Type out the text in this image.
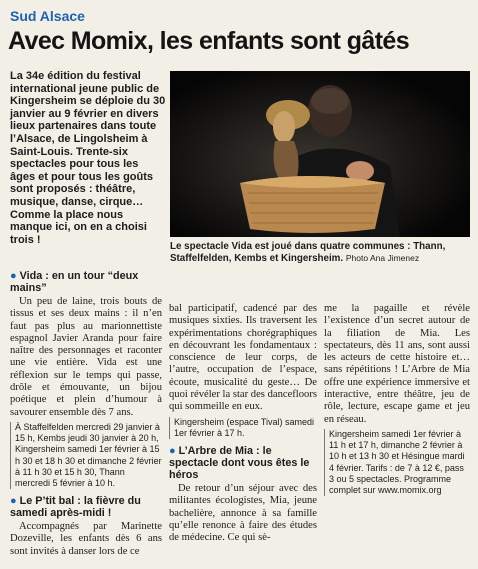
Sud Alsace
Avec Momix, les enfants sont gâtés
La 34e édition du festival international jeune public de Kingersheim se déploie du 30 janvier au 9 février en divers lieux partenaires dans toute l’Alsace, de Lingolsheim à Saint-Louis. Trente-six spectacles pour tous les âges et pour tous les goûts sont proposés : théâtre, musique, danse, cirque… Comme la place nous manque ici, on en a choisi trois !
Le spectacle Vida est joué dans quatre communes : Thann, Staffelfelden, Kembs et Kingersheim. Photo Ana Jimenez
● Vida : en un tour “deux mains”

Un peu de laine, trois bouts de tissus et ses deux mains : il n’en faut pas plus au marionnettiste espagnol Javier Aranda pour faire naître des personnages et raconter une vie entière. Vida est une réflexion sur le temps qui passe, drôle et émouvante, un bijou poétique et plein d’humour à savourer ensemble dès 7 ans.

À Staffelfelden mercredi 29 janvier à 15 h, Kembs jeudi 30 janvier à 20 h, Kingersheim samedi 1er février à 15 h 30 et 18 h 30 et dimanche 2 février à 11 h 30 et 15 h 30, Thann mercredi 5 février à 10 h.
● Le P’tit bal : la fièvre du samedi après-midi !

Accompagnés par Marinette Dozeville, les enfants dès 6 ans sont invités à danser lors de ce

bal participatif, cadencé par des musiques sixties. Ils traversent les expérimentations chorégraphiques en découvrant les fondamentaux : conscience de leur corps, de l’autre, occupation de l’espace, écoute, musicalité du geste… De quoi révéler la star des dancefloors qui sommeille en eux.

Kingersheim (espace Tival) samedi 1er février à 17 h.
● L’Arbre de Mia : le spectacle dont vous êtes le héros

De retour d’un séjour avec des militantes écologistes, Mia, jeune bachelière, annonce à sa famille qu’elle renonce à faire des études de médecine. Ce qui sè-

me la pagaille et révèle l’existence d’un secret autour de la filiation de Mia. Les spectateurs, dès 11 ans, sont aussi les acteurs de cette histoire et… sans répétitions ! L’Arbre de Mia offre une expérience immersive et interactive, entre théâtre, jeu de rôle, lecture, escape game et jeu en réseau.

Kingersheim samedi 1er février à 11 h et 17 h, dimanche 2 février à 10 h et 13 h 30 et Hésingue mardi 4 février. Tarifs : de 7 à 12 €, pass 3 ou 5 spectacles. Programme complet sur www.momix.org
